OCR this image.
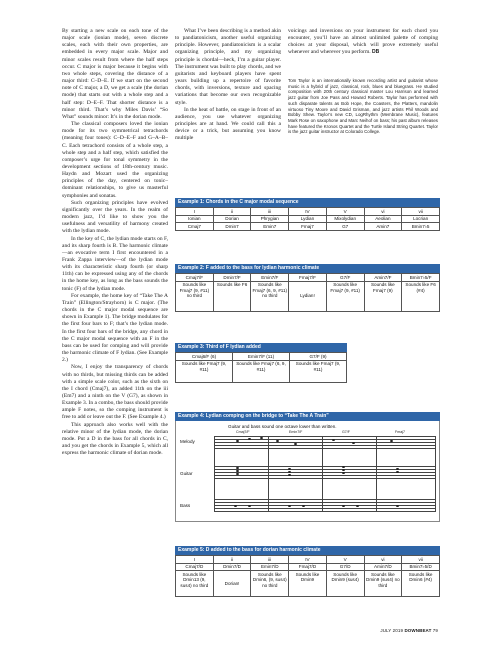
By starting a new scale on each tone of the major scale (ionian mode), seven discrete scales, each with their own properties, are embedded in every major scale. Major and minor scales result from where the half steps occur. C major is major because it begins with two whole steps, covering the distance of a major third: C–D–E. If we start on the second note of C major, a D, we get a scale (the dorian mode) that starts out with a whole step and a half step: D–E–F. That shorter distance is a minor third. That’s why Miles Davis’ “So What” sounds minor: It’s in the dorian mode.

The classical composers loved the ionian mode for its two symmetrical tetrachords (meaning four tones): C–D–E–F and G–A–B–C. Each tetrachord consists of a whole step, a whole step and a half step, which satisfied the composer’s urge for tonal symmetry in the development sections of 18th-century music. Haydn and Mozart used the organizing principles of the day, centered on tonic–dominant relationships, to give us masterful symphonies and sonatas.

Such organizing principles have evolved significantly over the years. In the realm of modern jazz, I’d like to show you the usefulness and versatility of harmony created with the lydian mode.

In the key of C, the lydian mode starts on F, and its sharp fourth is B. The harmonic climate—an evocative term I first encountered in a Frank Zappa interview—of the lydian mode with its characteristic sharp fourth (or sharp 11th) can be expressed using any of the chords in the home key, as long as the bass sounds the tonic (F) of the lydian mode.

For example, the home key of “Take The A Train” (Ellington/Strayhorn) is C major. (The chords in the C major modal sequence are shown in Example 1). The bridge modulates for the first four bars to F; that’s the lydian mode. In the first four bars of the bridge, any chord in the C major modal sequence with an F in the bass can be used for comping and will provide the harmonic climate of F lydian. (See Example 2.)

Now, I enjoy the transparency of chords with no thirds, but missing thirds can be added with a simple scale color, such as the sixth on the I chord (Cmaj7), an added 11th on the iii (Em7) and a ninth on the V (G7), as shown in Example 3. In a combo, the bass should provide ample F notes, so the comping instrument is free to add or leave out the F. (See Example 4.)

This approach also works well with the relative minor of the lydian mode, the dorian mode. Put a D in the bass for all chords in C, and you get the chords in Example 5, which all express the harmonic climate of dorian mode.

What I’ve been describing is a method akin to pandiatonicism, another useful organizing principle. However, pandiatonicism is a scalar organizing principle, and my organizing principle is chordal—heck, I’m a guitar player. The instrument was built to play chords, and we guitarists and keyboard players have spent years building up a repertoire of favorite chords, with inversions, texture and spacing variations that become our own recognizable style.

In the heat of battle, on stage in front of an audience, you use whatever organizing principles are at hand. We could call this a device or a trick, but assuming you know multiple

voicings and inversions on your instrument for each chord you encounter, you’ll have an almost unlimited palette of comping choices at your disposal, which will prove extremely useful whenever and wherever you perform. DB

Tom Taylor is an internationally known recording artist and guitarist whose music is a hybrid of jazz, classical, rock, blues and bluegrass. He studied composition with 20th century classical master Lou Harrison and learned jazz guitar from Joe Pass and Howard Roberts. Taylor has performed with such disparate talents as Bob Hope, the Coasters, the Platters, mandolin virtuoso Tiny Moore and David Grisman, and jazz artists Phil Woods and Bobby Shew. Taylor’s new CD, LogRhythm (Membrane Music), features Mark Rose on saxophone and Marc Neihof on bass; his past album releases have featured the Kronos Quartet and the Turtle Island String Quartet. Taylor is the jazz guitar instructor at Colorado College.
Example 1: Chords in the C major modal sequence
I	ii	iii	IV	V	vi	vii
Ionian	Dorian	Phrygian	Lydian	Mixolydian	Aeolian	Locrian
Cmaj7	Dmin7	Emin7	Fmaj7	G7	Amin7	Bmin7♭5
Example 2: F added to the bass for lydian harmonic climate
Cmaj7/F	Dmin7/F	Emin7/F	Fmaj7/F	G7/F	Amin7/F	Bmin7♭5/F
Sounds like Fmaj7 (9, #11) no third	Sounds like F6	Sounds like Fmaj7 (6, 9, #11) no third	Lydian!	Sounds like Fmaj7 (9, #11)	Sounds like Fmaj7 (9)	Sounds like F6 (#4)
Example 3: Third of F lydian added
Cmaj6/F (6)	Emin7/F (11)	G7/F (9)
Sounds like Fmaj7 (9, #11)	Sounds like Fmaj7 (6, 9, #11)	Sounds like Fmaj7 (9, #11)
Example 4: Lydian comping on the bridge to “Take The A Train”
Guitar and bass sound one octave lower than written.
Melody
Guitar
Bass
Cmaj7/F	Emin7/F	G7/F	Fmaj7
Example 5: D added to the bass for dorian harmonic climate
I	ii	iii	IV	V	vi	vii
Cmaj7/D	Dmin7/D	Emin7/D	Fmaj7/D	G7/D	Amin7/D	Bmin7♭5/D
Sounds like Dmin13 (9, sus4) no third	Dorian!	Sounds like Dmin6, (9, sus4) no third	Sounds like Dmin9	Sounds like Dmin9 (sus4)	Sounds like Dmin9 (sus4) no third	Sounds like Dmin6 (#4)
JULY 2019 DOWNBEAT 79
